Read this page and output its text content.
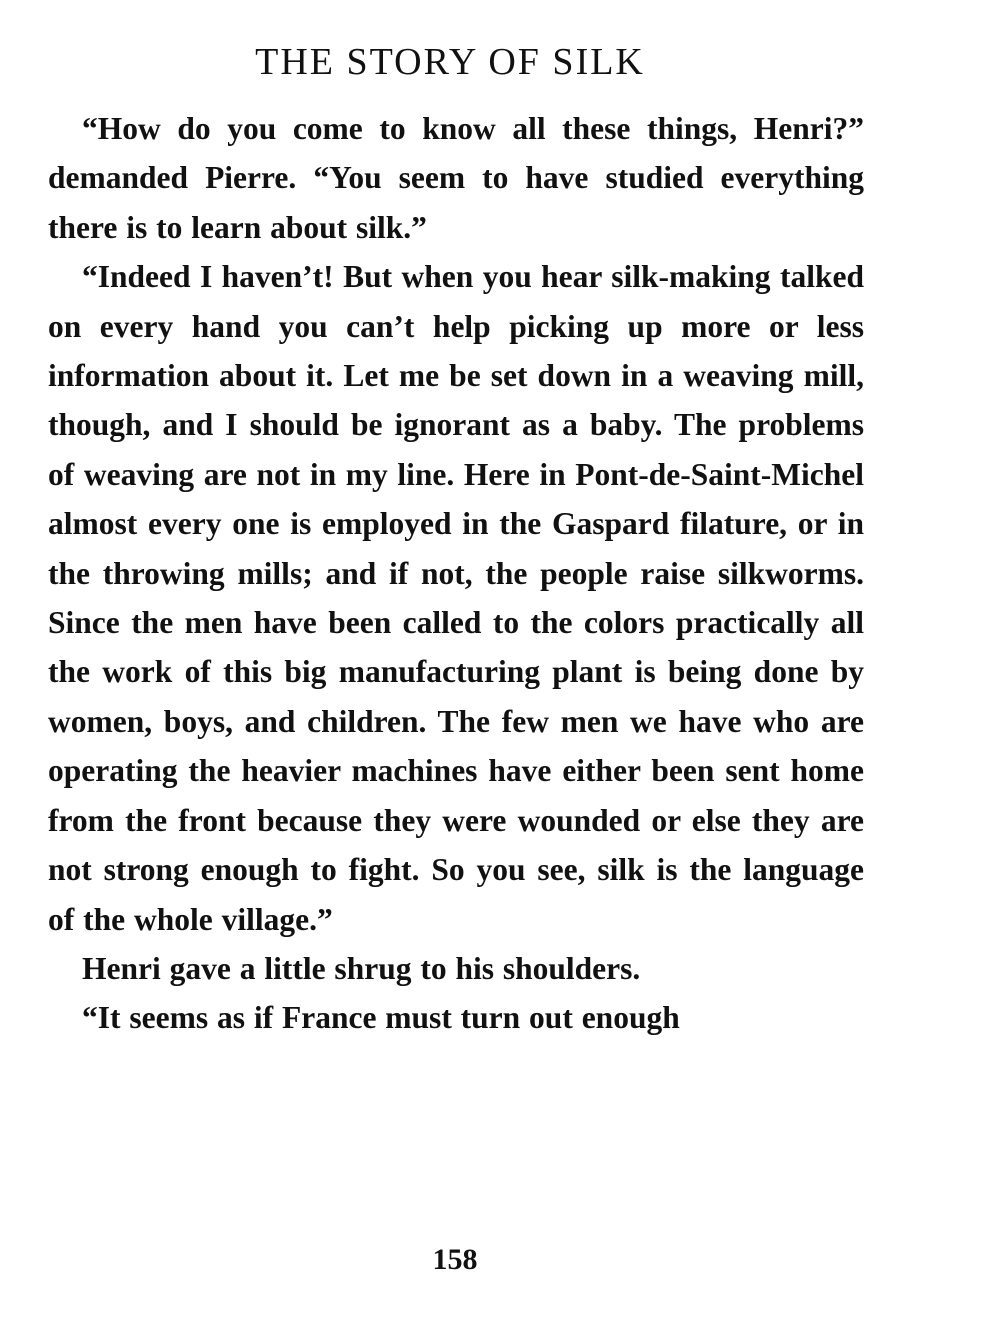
THE STORY OF SILK

“How do you come to know all these things, Henri?” demanded Pierre. “You seem to have studied everything there is to learn about silk.”

“Indeed I haven’t! But when you hear silk-making talked on every hand you can’t help picking up more or less information about it. Let me be set down in a weaving mill, though, and I should be ignorant as a baby. The problems of weaving are not in my line. Here in Pont-de-Saint-Michel almost every one is employed in the Gaspard filature, or in the throwing mills; and if not, the people raise silkworms. Since the men have been called to the colors practically all the work of this big manufacturing plant is being done by women, boys, and children. The few men we have who are operating the heavier machines have either been sent home from the front because they were wounded or else they are not strong enough to fight. So you see, silk is the language of the whole village.”

Henri gave a little shrug to his shoulders.

“It seems as if France must turn out enough

158
